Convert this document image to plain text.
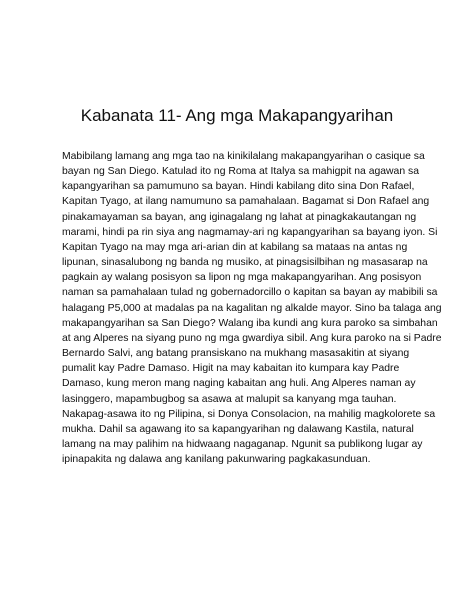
Kabanata 11- Ang mga Makapangyarihan
Mabibilang lamang ang mga tao na kinikilalang makapangyarihan o casique sa
bayan ng San Diego. Katulad ito ng Roma at Italya sa mahigpit na agawan sa
kapangyarihan sa pamumuno sa bayan. Hindi kabilang dito sina Don Rafael,
Kapitan Tyago, at ilang namumuno sa pamahalaan. Bagamat si Don Rafael ang
pinakamayaman sa bayan, ang iginagalang ng lahat at pinagkakautangan ng
marami, hindi pa rin siya ang nagmamay-ari ng kapangyarihan sa bayang iyon. Si
Kapitan Tyago na may mga ari-arian din at kabilang sa mataas na antas ng
lipunan, sinasalubong ng banda ng musiko, at pinagsisilbihan ng masasarap na
pagkain ay walang posisyon sa lipon ng mga makapangyarihan. Ang posisyon
naman sa pamahalaan tulad ng gobernadorcillo o kapitan sa bayan ay mabibili sa
halagang P5,000 at madalas pa na kagalitan ng alkalde mayor. Sino ba talaga ang
makapangyarihan sa San Diego? Walang iba kundi ang kura paroko sa simbahan
at ang Alperes na siyang puno ng mga gwardiya sibil. Ang kura paroko na si Padre
Bernardo Salvi, ang batang pransiskano na mukhang masasakitin at siyang
pumalit kay Padre Damaso. Higit na may kabaitan ito kumpara kay Padre
Damaso, kung meron mang naging kabaitan ang huli. Ang Alperes naman ay
lasinggero, mapambugbog sa asawa at malupit sa kanyang mga tauhan.
Nakapag-asawa ito ng Pilipina, si Donya Consolacion, na mahilig magkolorete sa
mukha. Dahil sa agawang ito sa kapangyarihan ng dalawang Kastila, natural
lamang na may palihim na hidwaang nagaganap. Ngunit sa publikong lugar ay
ipinapakita ng dalawa ang kanilang pakunwaring pagkakasunduan.
